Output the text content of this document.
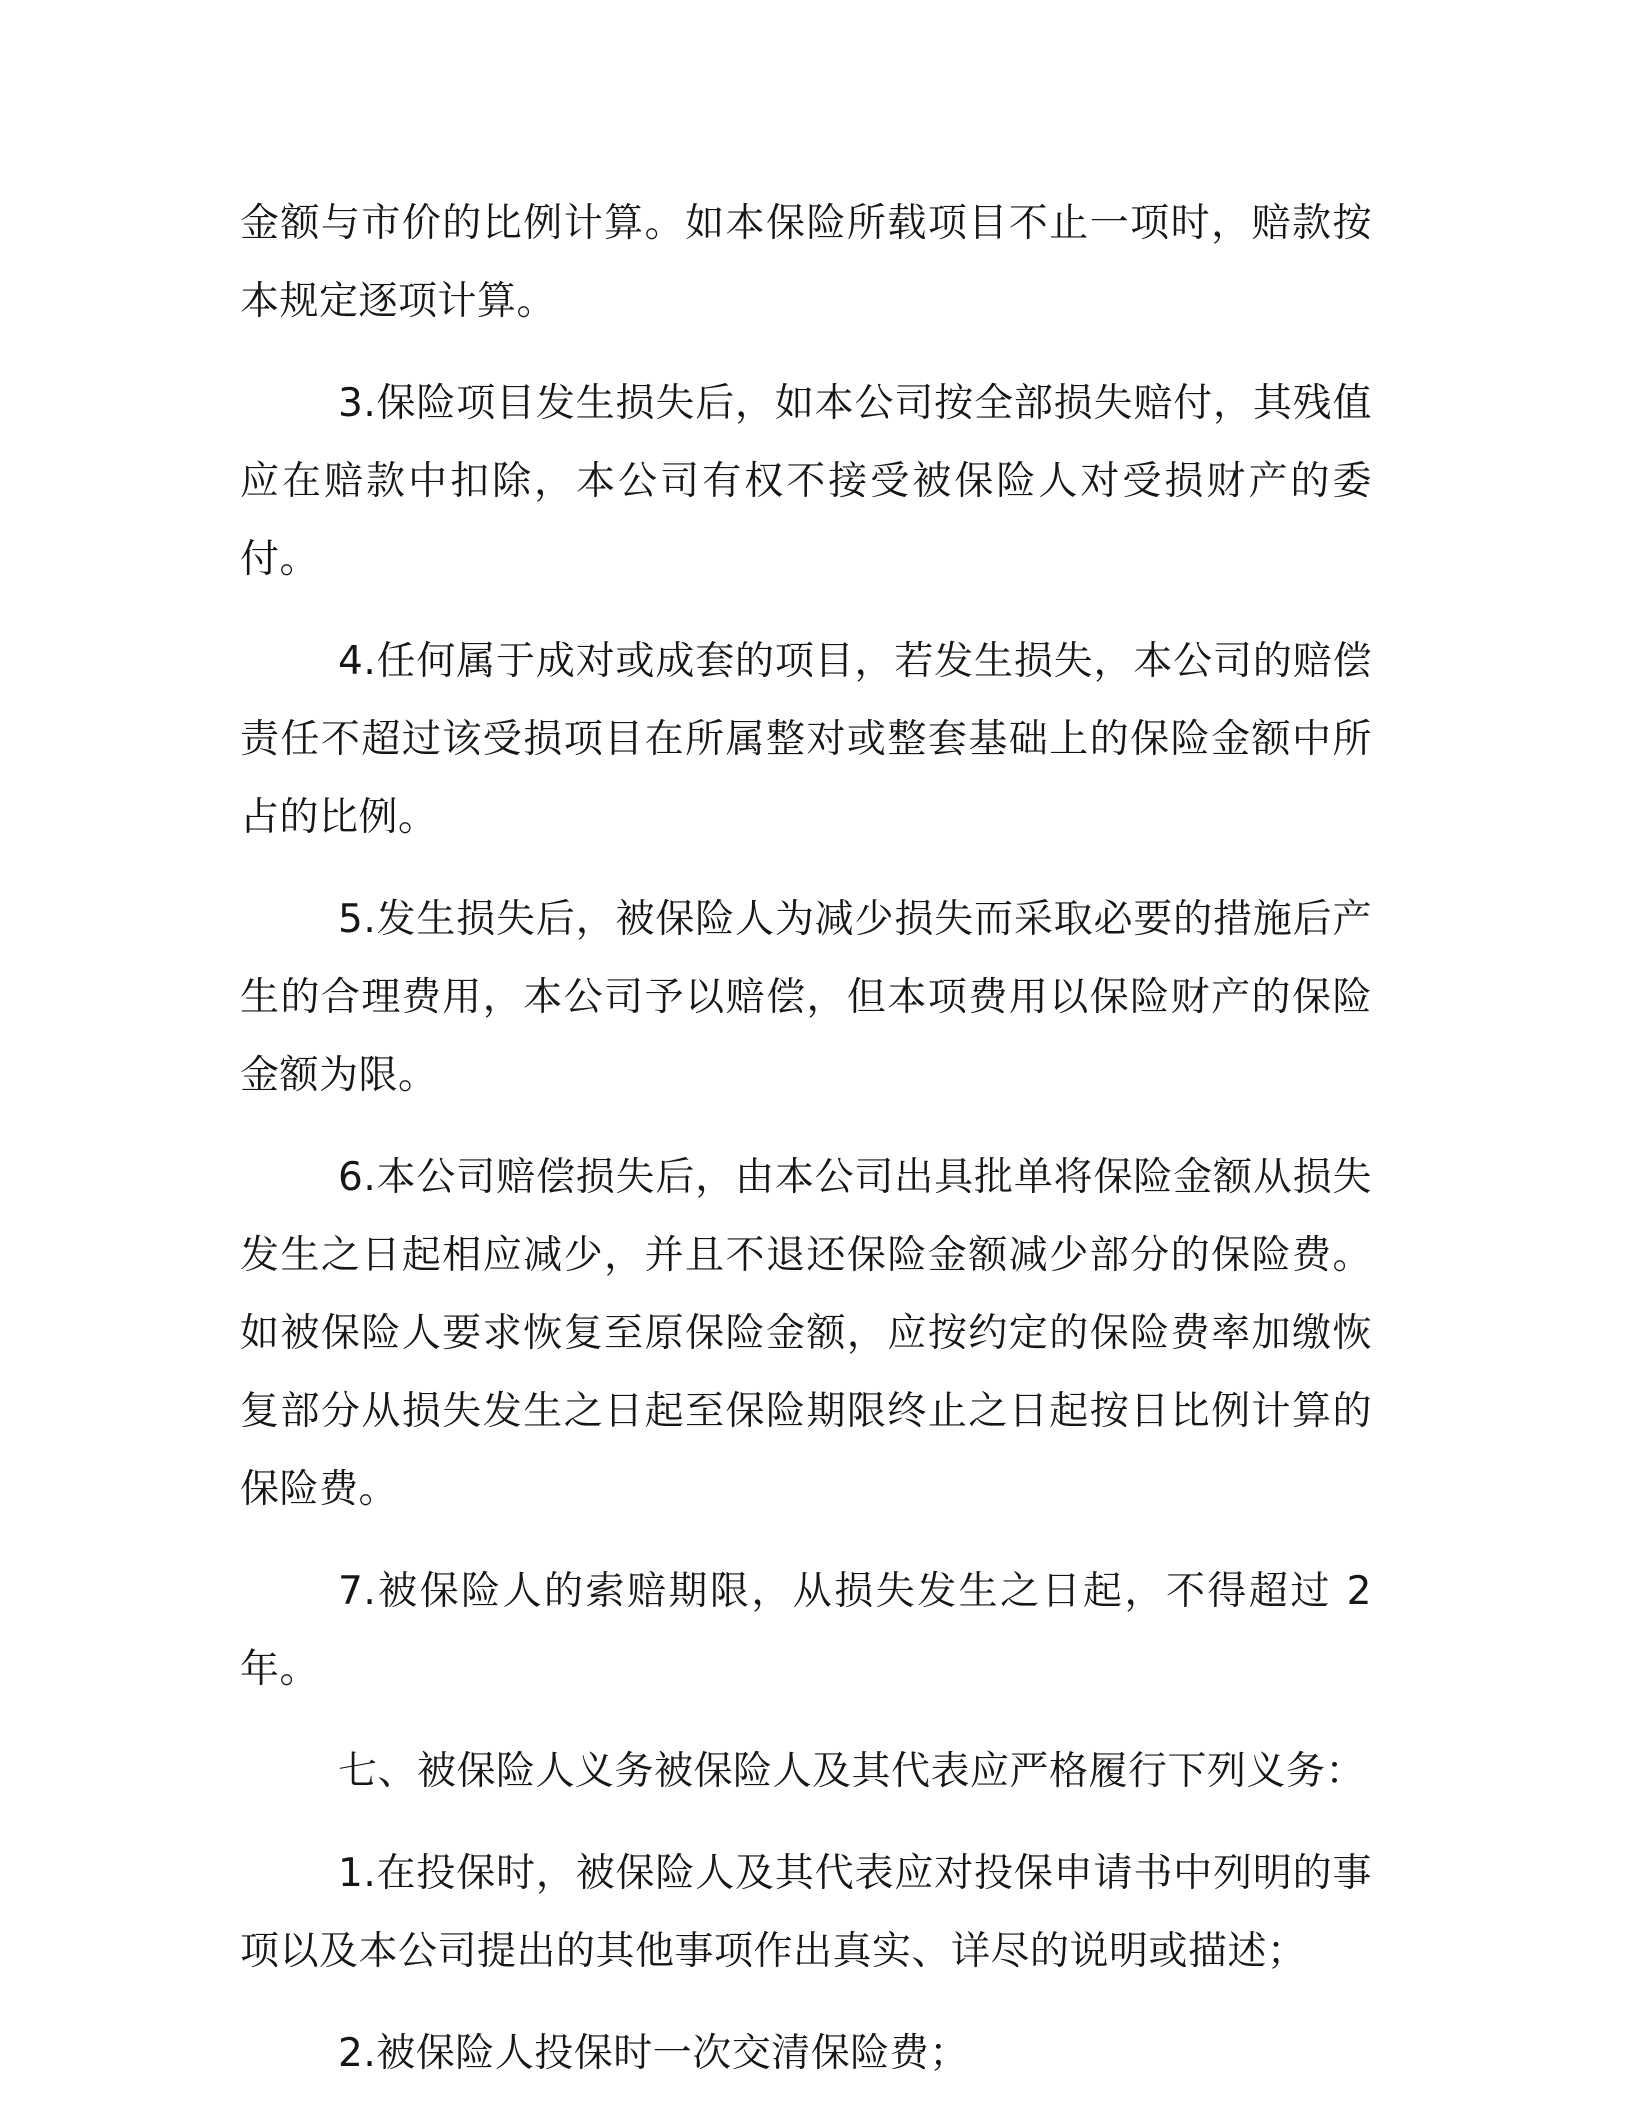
金额与市价的比例计算。如本保险所载项目不止一项时，赔款按本规定逐项计算。

3.保险项目发生损失后，如本公司按全部损失赔付，其残值应在赔款中扣除，本公司有权不接受被保险人对受损财产的委付。

4.任何属于成对或成套的项目，若发生损失，本公司的赔偿责任不超过该受损项目在所属整对或整套基础上的保险金额中所占的比例。

5.发生损失后，被保险人为减少损失而采取必要的措施后产生的合理费用，本公司予以赔偿，但本项费用以保险财产的保险金额为限。

6.本公司赔偿损失后，由本公司出具批单将保险金额从损失发生之日起相应减少，并且不退还保险金额减少部分的保险费。如被保险人要求恢复至原保险金额，应按约定的保险费率加缴恢复部分从损失发生之日起至保险期限终止之日起按日比例计算的保险费。

7.被保险人的索赔期限，从损失发生之日起，不得超过 2 年。

七、被保险人义务被保险人及其代表应严格履行下列义务：

1.在投保时，被保险人及其代表应对投保申请书中列明的事项以及本公司提出的其他事项作出真实、详尽的说明或描述；

2.被保险人投保时一次交清保险费；
